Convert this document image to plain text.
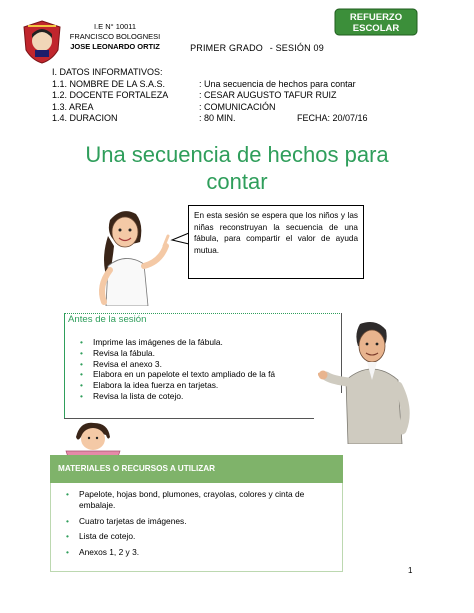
I.E N° 10011
FRANCISCO BOLOGNESI
JOSE LEONARDO ORTIZ
REFUERZO
ESCOLAR
PRIMER GRADO - SESIÓN 09
I. DATOS INFORMATIVOS:
1.1. NOMBRE DE LA S.A.S.	: Una secuencia de hechos para contar
1.2. DOCENTE FORTALEZA	: CESAR AUGUSTO TAFUR RUIZ
1.3. AREA	: COMUNICACIÓN
1.4. DURACION	: 80 MIN.	FECHA: 20/07/16
Una secuencia de hechos para
contar
En esta sesión se espera que los niños y las niñas reconstruyan la secuencia de una fábula, para compartir el valor de ayuda mutua.
Antes de la sesión
• Imprime las imágenes de la fábula.
• Revisa la fábula.
• Revisa el anexo 3.
• Elabora en un papelote el texto ampliado de la fá
• Elabora la idea fuerza en tarjetas.
• Revisa la lista de cotejo.
MATERIALES O RECURSOS A UTILIZAR
• Papelote, hojas bond, plumones, crayolas, colores y cinta de embalaje.
• Cuatro tarjetas de imágenes.
• Lista de cotejo.
• Anexos 1, 2 y 3.
1
